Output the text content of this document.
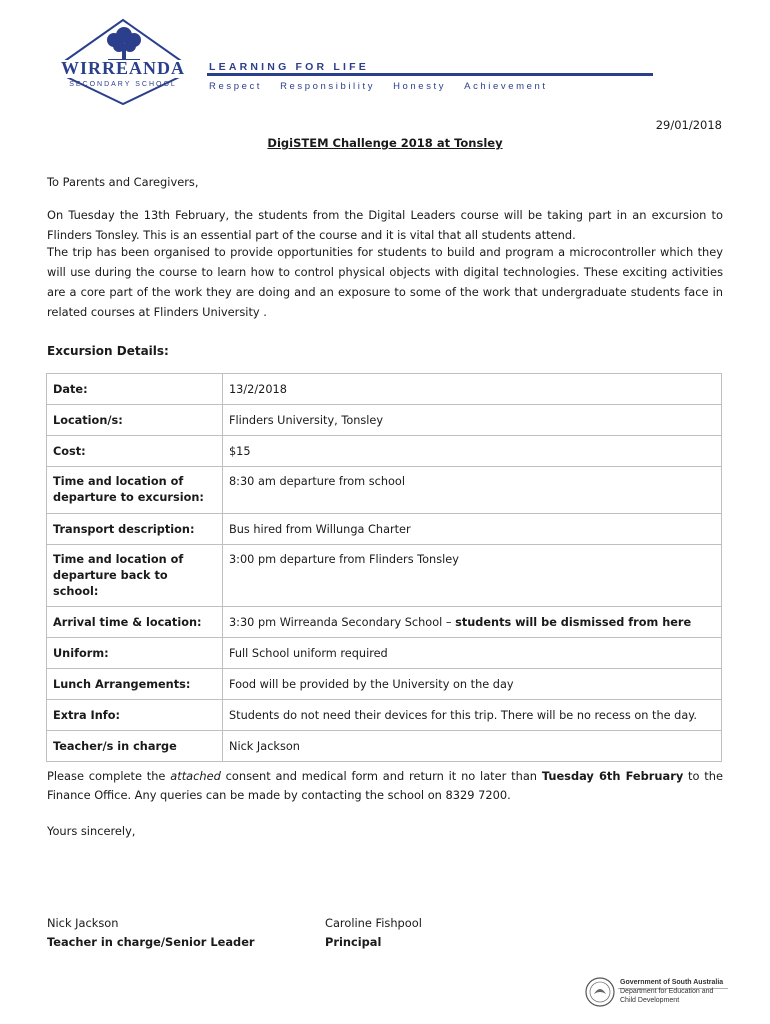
WIRREANDA
SECONDARY SCHOOL
LEARNING FOR LIFE
Respect Responsibility Honesty Achievement
29/01/2018
DigiSTEM Challenge 2018 at Tonsley
To Parents and Caregivers,
On Tuesday the 13th February, the students from the Digital Leaders course will be taking part in an excursion to Flinders Tonsley. This is an essential part of the course and it is vital that all students attend.
The trip has been organised to provide opportunities for students to build and program a microcontroller which they will use during the course to learn how to control physical objects with digital technologies. These exciting activities are a core part of the work they are doing and an exposure to some of the work that undergraduate students face in related courses at Flinders University .
Excursion Details:
Date:	13/2/2018
Location/s:	Flinders University, Tonsley
Cost:	$15
Time and location of departure to excursion:	8:30 am departure from school
Transport description:	Bus hired from Willunga Charter
Time and location of departure back to school:	3:00 pm departure from Flinders Tonsley
Arrival time & location:	3:30 pm Wirreanda Secondary School – students will be dismissed from here
Uniform:	Full School uniform required
Lunch Arrangements:	Food will be provided by the University on the day
Extra Info:	Students do not need their devices for this trip. There will be no recess on the day.
Teacher/s in charge	Nick Jackson
Please complete the attached consent and medical form and return it no later than Tuesday 6th February to the Finance Office. Any queries can be made by contacting the school on 8329 7200.
Yours sincerely,
Nick Jackson
Teacher in charge/Senior Leader
Caroline Fishpool
Principal
Government of South Australia
Department for Education and
Child Development
